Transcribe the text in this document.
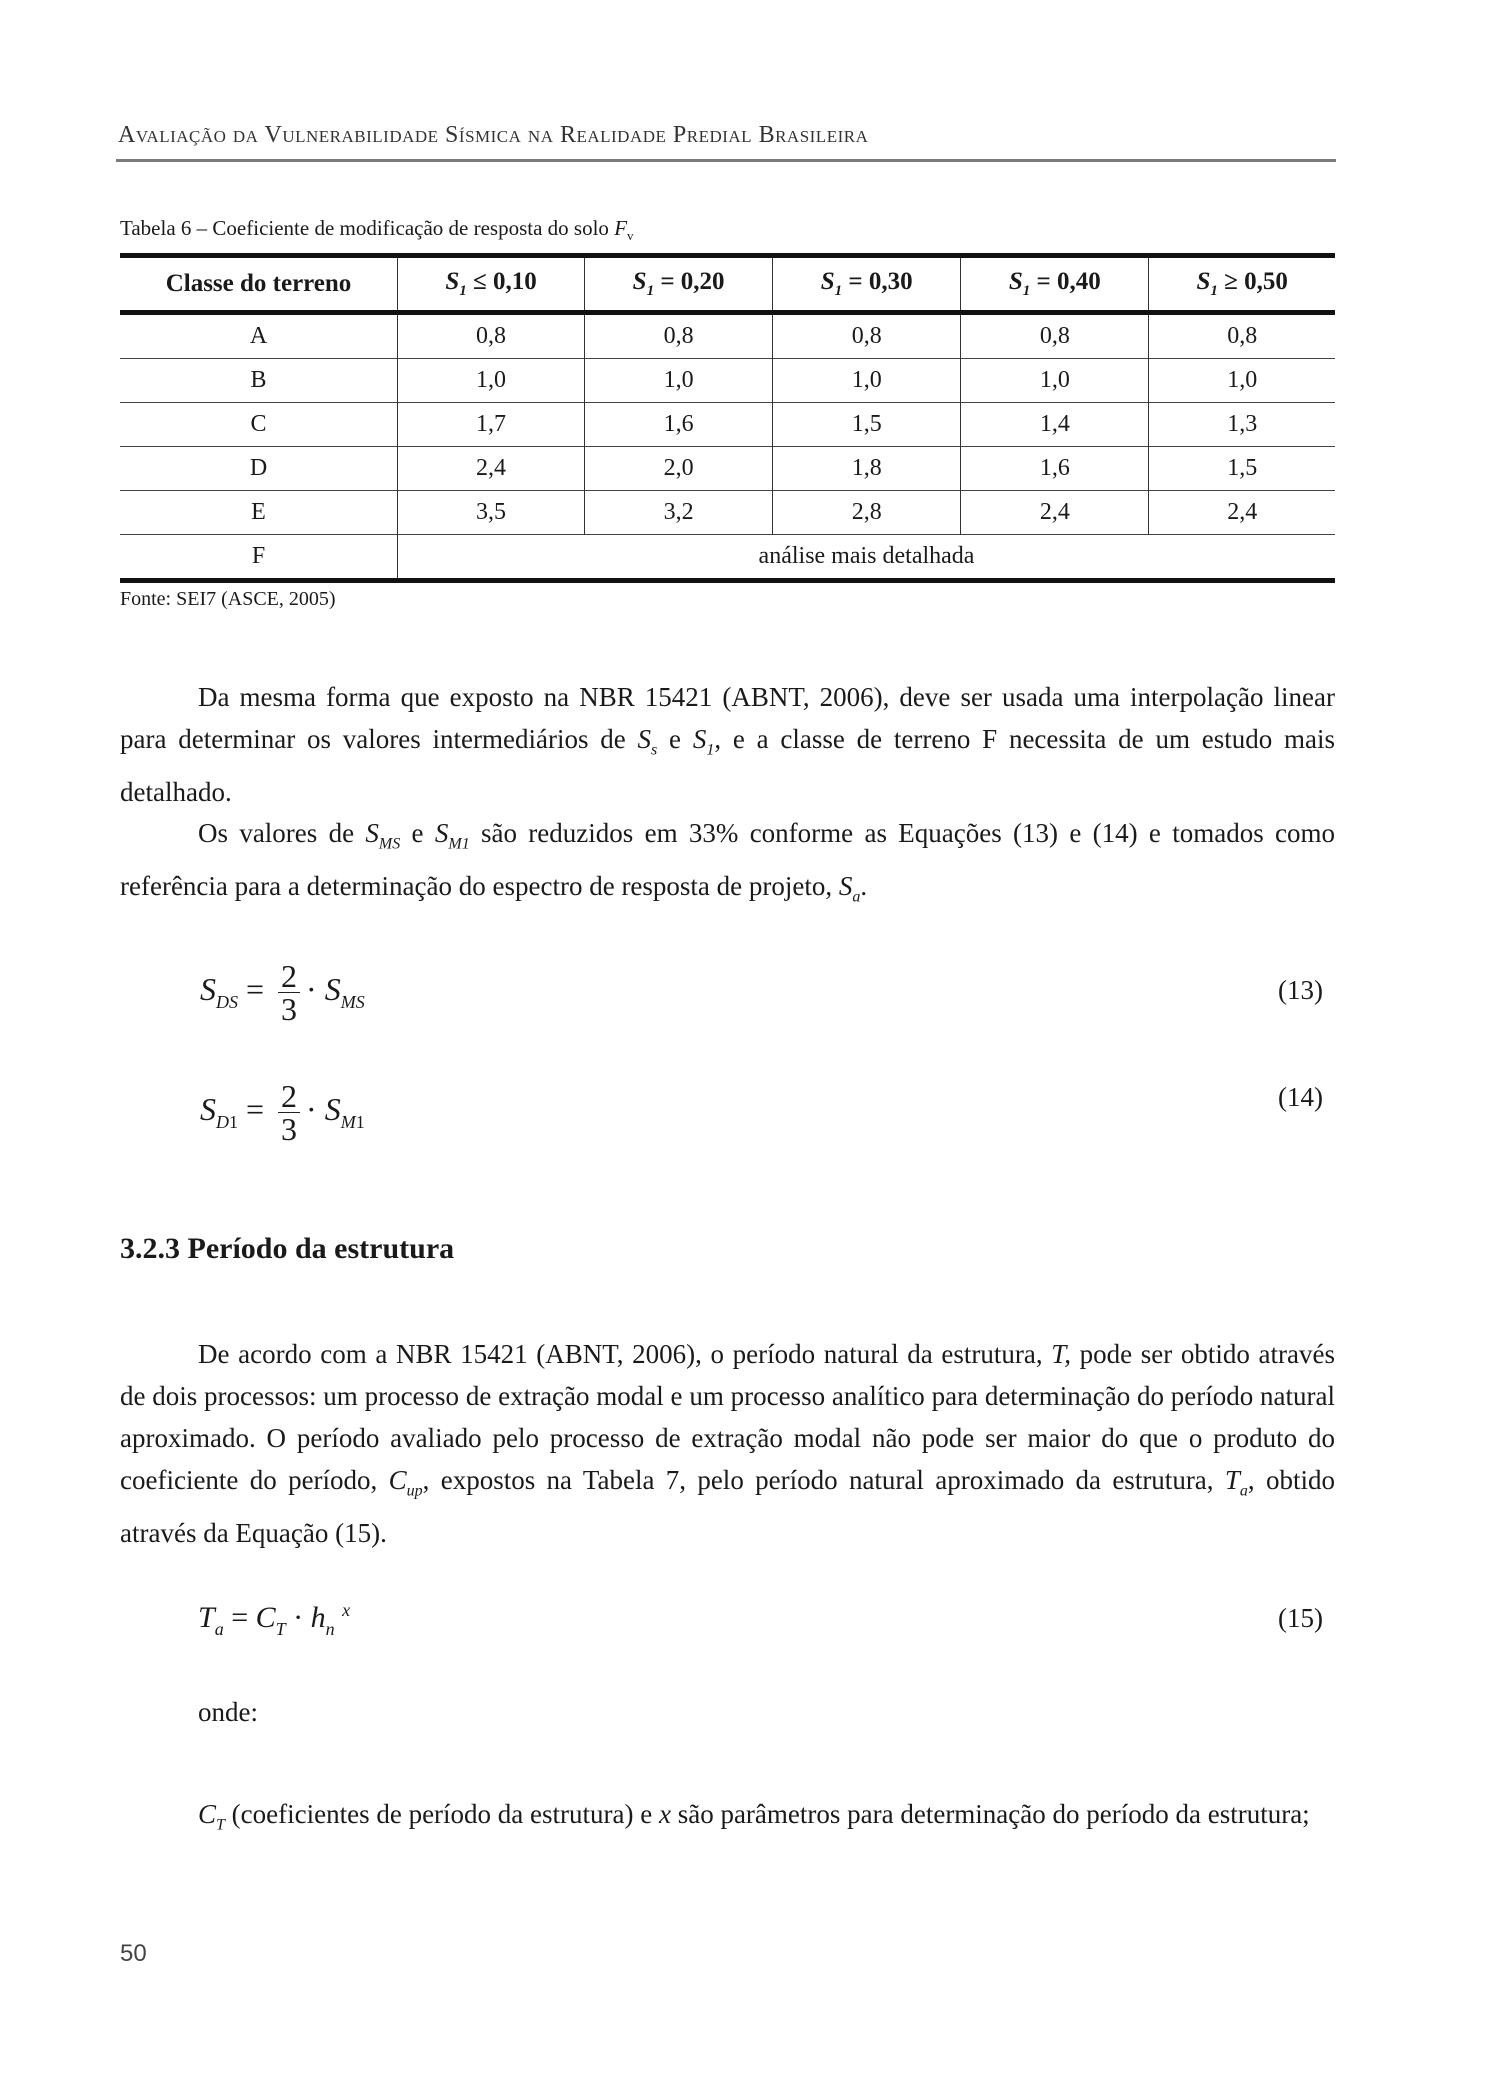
Avaliação da Vulnerabilidade Sísmica na Realidade Predial Brasileira
Tabela 6 – Coeficiente de modificação de resposta do solo $F_v$
Classe do terreno	$S_1 \le 0,10$	$S_1 = 0,20$	$S_1 = 0,30$	$S_1 = 0,40$	$S_1 \ge 0,50$
A	0,8	0,8	0,8	0,8	0,8
B	1,0	1,0	1,0	1,0	1,0
C	1,7	1,6	1,5	1,4	1,3
D	2,4	2,0	1,8	1,6	1,5
E	3,5	3,2	2,8	2,4	2,4
F	análise mais detalhada				
Fonte: SEI7 (ASCE, 2005)
Da mesma forma que exposto na NBR 15421 (ABNT, 2006), deve ser usada uma interpolação linear para determinar os valores intermediários de $S_s$ e $S_1$, e a classe de terreno F necessita de um estudo mais detalhado.
Os valores de $S_{MS}$ e $S_{M1}$ são reduzidos em 33% conforme as Equações (13) e (14) e tomados como referência para a determinação do espectro de resposta de projeto, $S_a$.
$S_{DS} = \frac{2}{3} \cdot S_{MS}$	(13)
$S_{D1} = \frac{2}{3} \cdot S_{M1}$
(14)
3.2.3 Período da estrutura
De acordo com a NBR 15421 (ABNT, 2006), o período natural da estrutura, T, pode ser obtido através de dois processos: um processo de extração modal e um processo analítico para determinação do período natural aproximado. O período avaliado pelo processo de extração modal não pode ser maior do que o produto do coeficiente do período, $C_{up}$, expostos na Tabela 7, pelo período natural aproximado da estrutura, $T_a$, obtido através da Equação (15).
$T_a = C_T \cdot h_n$ $^x$	(15)
onde:
$C_T$ (coeficientes de período da estrutura) e x são parâmetros para determinação do período da estrutura;
50
